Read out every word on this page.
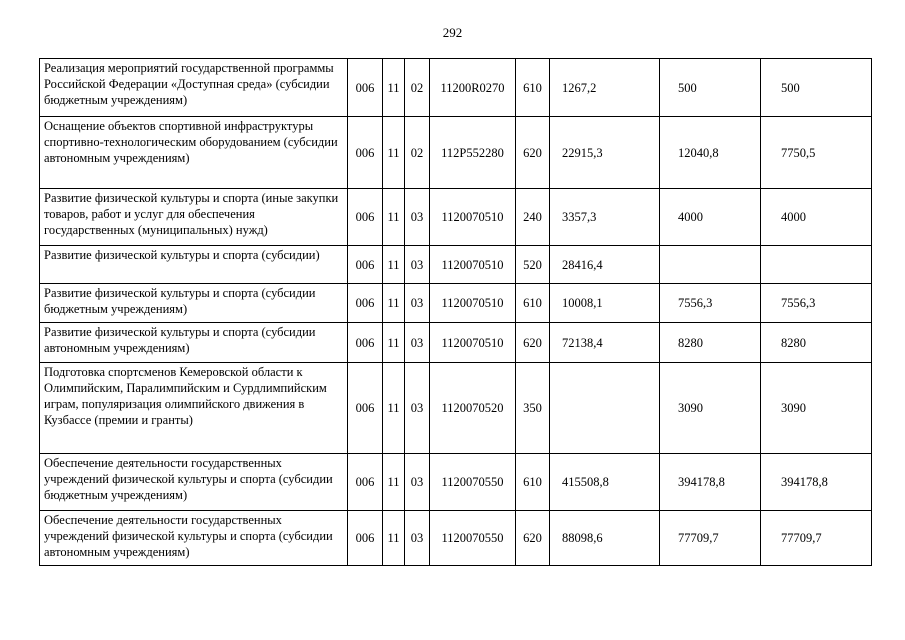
292
Реализация мероприятий государственной программы Российской Федерации «Доступная среда» (субсидии бюджетным учреждениям)	006	11	02	11200R0270	610	1267,2	500	500
Оснащение объектов спортивной инфраструктуры спортивно-технологическим оборудованием (субсидии автономным учреждениям)	006	11	02	112P552280	620	22915,3	12040,8	7750,5
Развитие физической культуры и спорта (иные закупки товаров, работ и услуг для обеспечения государственных (муниципальных) нужд)	006	11	03	1120070510	240	3357,3	4000	4000
Развитие физической культуры и спорта (субсидии)	006	11	03	1120070510	520	28416,4		
Развитие физической культуры и спорта (субсидии бюджетным учреждениям)	006	11	03	1120070510	610	10008,1	7556,3	7556,3
Развитие физической культуры и спорта (субсидии автономным учреждениям)	006	11	03	1120070510	620	72138,4	8280	8280
Подготовка спортсменов Кемеровской области к Олимпийским, Паралимпийским и Сурдлимпийским играм, популяризация олимпийского движения в Кузбассе (премии и гранты)	006	11	03	1120070520	350		3090	3090
Обеспечение деятельности государственных учреждений физической культуры и спорта (субсидии бюджетным учреждениям)	006	11	03	1120070550	610	415508,8	394178,8	394178,8
Обеспечение деятельности государственных учреждений физической культуры и спорта (субсидии автономным учреждениям)	006	11	03	1120070550	620	88098,6	77709,7	77709,7
